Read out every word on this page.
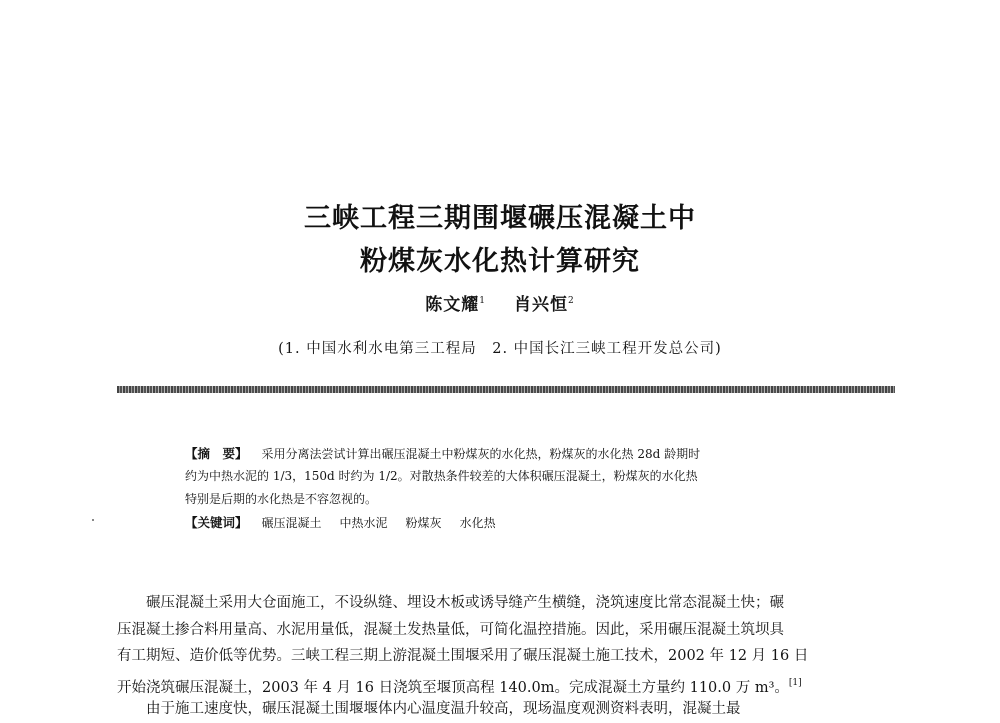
三峡工程三期围堰碾压混凝土中
粉煤灰水化热计算研究
陈文耀$^1$ 肖兴恒$^2$
(1. 中国水利水电第三工程局　2. 中国长江三峡工程开发总公司)
【摘　要】 采用分离法尝试计算出碾压混凝土中粉煤灰的水化热，粉煤灰的水化热 28d 龄期时
约为中热水泥的 1/3，150d 时约为 1/2。对散热条件较差的大体积碾压混凝土，粉煤灰的水化热
特别是后期的水化热是不容忽视的。
【关键词】 碾压混凝土 中热水泥 粉煤灰 水化热
碾压混凝土采用大仓面施工，不设纵缝、埋设木板或诱导缝产生横缝，浇筑速度比常态混凝土快；碾
压混凝土掺合料用量高、水泥用量低，混凝土发热量低，可简化温控措施。因此，采用碾压混凝土筑坝具
有工期短、造价低等优势。三峡工程三期上游混凝土围堰采用了碾压混凝土施工技术，2002 年 12 月 16 日
开始浇筑碾压混凝土，2003 年 4 月 16 日浇筑至堰顶高程 140.0m。完成混凝土方量约 110.0 万 m³。[1]
由于施工速度快，碾压混凝土围堰堰体内心温度温升较高，现场温度观测资料表明，混凝土最
